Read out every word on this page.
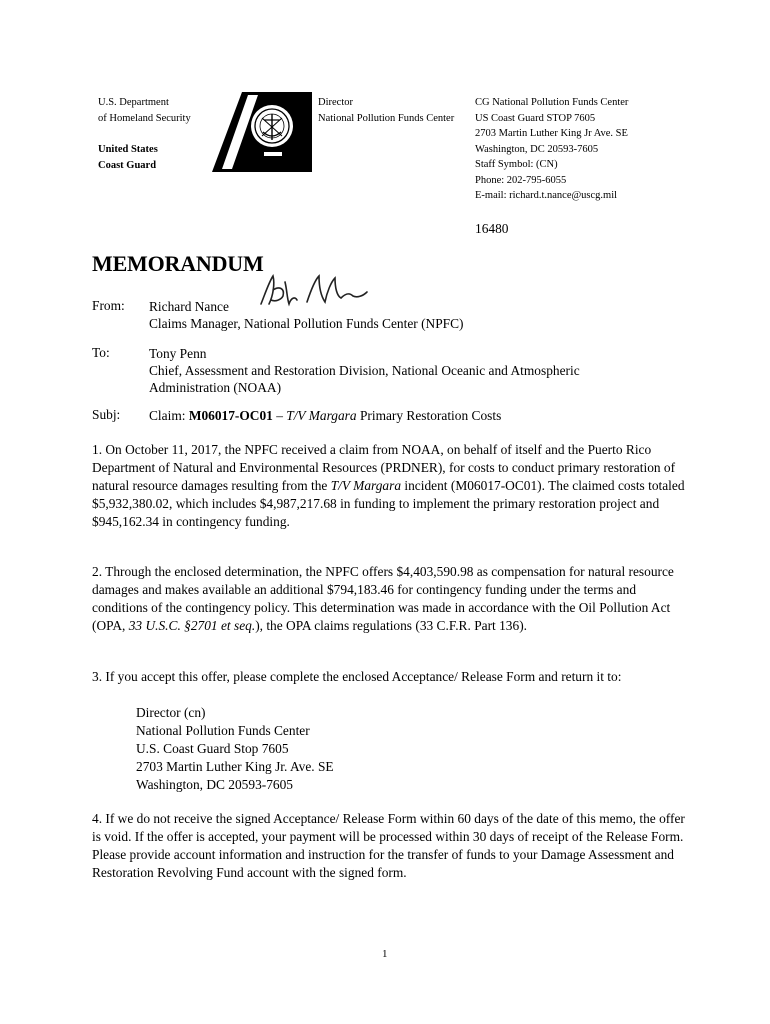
U.S. Department
of Homeland Security
United States
Coast Guard
Director
National Pollution Funds Center
CG National Pollution Funds Center
US Coast Guard STOP 7605
2703 Martin Luther King Jr Ave. SE
Washington, DC 20593-7605
Staff Symbol: (CN)
Phone: 202-795-6055
E-mail: richard.t.nance@uscg.mil
16480
MEMORANDUM
From: Richard Nance
Claims Manager, National Pollution Funds Center (NPFC)
To:	Tony Penn
Chief, Assessment and Restoration Division, National Oceanic and Atmospheric
Administration (NOAA)
Subj: Claim: M06017-OC01 – T/V Margara Primary Restoration Costs
1. On October 11, 2017, the NPFC received a claim from NOAA, on behalf of itself and the Puerto Rico Department of Natural and Environmental Resources (PRDNER), for costs to conduct primary restoration of natural resource damages resulting from the T/V Margara incident (M06017-OC01). The claimed costs totaled $5,932,380.02, which includes $4,987,217.68 in funding to implement the primary restoration project and $945,162.34 in contingency funding.
2. Through the enclosed determination, the NPFC offers $4,403,590.98 as compensation for natural resource damages and makes available an additional $794,183.46 for contingency funding under the terms and conditions of the contingency policy. This determination was made in accordance with the Oil Pollution Act (OPA, 33 U.S.C. §2701 et seq.), the OPA claims regulations (33 C.F.R. Part 136).
3. If you accept this offer, please complete the enclosed Acceptance/ Release Form and return it to:
Director (cn)
National Pollution Funds Center
U.S. Coast Guard Stop 7605
2703 Martin Luther King Jr. Ave. SE
Washington, DC 20593-7605
4. If we do not receive the signed Acceptance/ Release Form within 60 days of the date of this memo, the offer is void. If the offer is accepted, your payment will be processed within 30 days of receipt of the Release Form. Please provide account information and instruction for the transfer of funds to your Damage Assessment and Restoration Revolving Fund account with the signed form.
1
